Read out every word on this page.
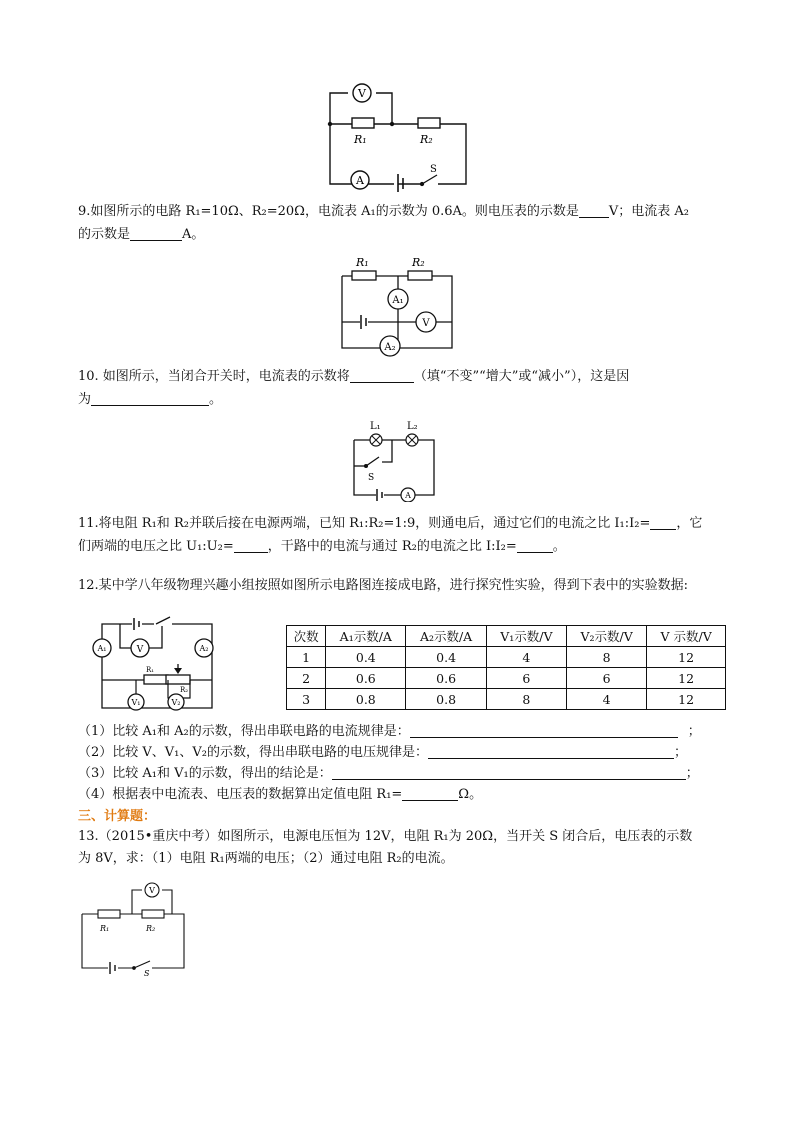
V
A
R₁	R₂
S
9.如图所示的电路 R₁=10Ω、R₂=20Ω，电流表 A₁的示数为 0.6A。则电压表的示数是 V；电流表 A₂
的示数是	A。
A₁
V
A₂
R₁	R₂
10. 如图所示，当闭合开关时，电流表的示数将	（填“不变”“增大”或“减小”），这是因
为	。
A
L₁	L₂
S
11.将电阻 R₁和 R₂并联后接在电源两端，已知 R₁:R₂=1:9，则通电后，通过它们的电流之比 I₁:I₂= ，它
们两端的电压之比 U₁:U₂=	，干路中的电流与通过 R₂的电流之比 I:I₂=	。
12.某中学八年级物理兴趣小组按照如图所示电路图连接成电路，进行探究性实验，得到下表中的实验数据:
A₁	V	A₂
V₁	V₂
R₁
R₂
次数	A₁示数/A	A₂示数/A	V₁示数/V	V₂示数/V	V 示数/V
1	0.4	0.4	4	8	12
2	0.6	0.6	6	6	12
3	0.8	0.8	8	4	12
（1）比较 A₁和 A₂的示数，得出串联电路的电流规律是：	；
（2）比较 V、V₁、V₂的示数，得出串联电路的电压规律是：	；
（3）比较 A₁和 V₁的示数，得出的结论是：	；
（4）根据表中电流表、电压表的数据算出定值电阻 R₁=	Ω。
三、计算题：
13.（2015•重庆中考）如图所示，电源电压恒为 12V，电阻 R₁为 20Ω，当开关 S 闭合后，电压表的示数
为 8V，求：（1）电阻 R₁两端的电压；（2）通过电阻 R₂的电流。
V
R₁	R₂
S
